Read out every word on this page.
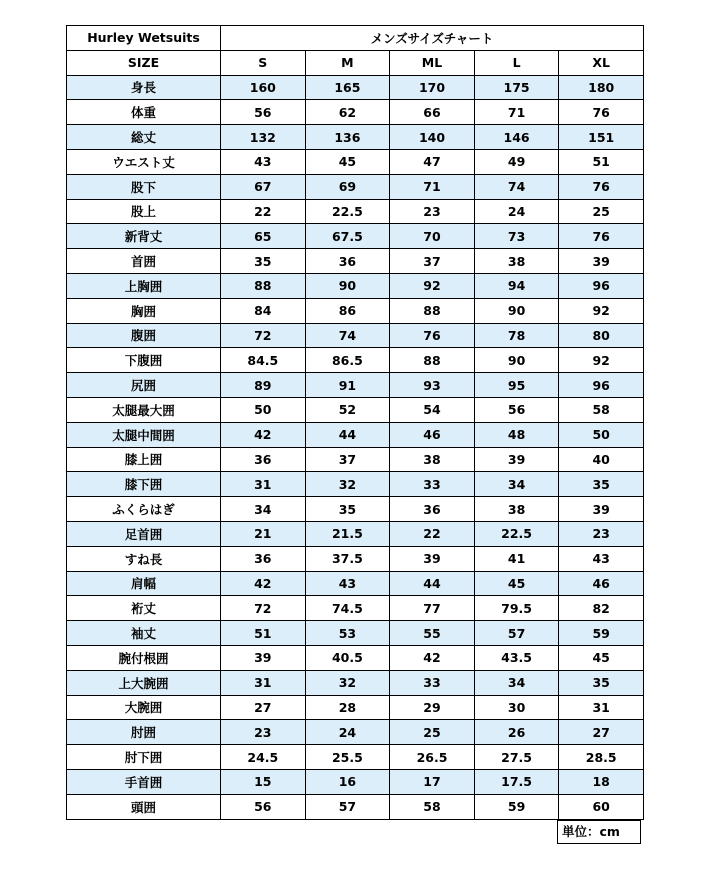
Hurley Wetsuits	メンズサイズチャート				
SIZE	S	M	ML	L	XL
身長	160	165	170	175	180
体重	56	62	66	71	76
総丈	132	136	140	146	151
ウエスト丈	43	45	47	49	51
股下	67	69	71	74	76
股上	22	22.5	23	24	25
新背丈	65	67.5	70	73	76
首囲	35	36	37	38	39
上胸囲	88	90	92	94	96
胸囲	84	86	88	90	92
腹囲	72	74	76	78	80
下腹囲	84.5	86.5	88	90	92
尻囲	89	91	93	95	96
太腿最大囲	50	52	54	56	58
太腿中間囲	42	44	46	48	50
膝上囲	36	37	38	39	40
膝下囲	31	32	33	34	35
ふくらはぎ	34	35	36	38	39
足首囲	21	21.5	22	22.5	23
すね長	36	37.5	39	41	43
肩幅	42	43	44	45	46
裄丈	72	74.5	77	79.5	82
袖丈	51	53	55	57	59
腕付根囲	39	40.5	42	43.5	45
上大腕囲	31	32	33	34	35
大腕囲	27	28	29	30	31
肘囲	23	24	25	26	27
肘下囲	24.5	25.5	26.5	27.5	28.5
手首囲	15	16	17	17.5	18
頭囲	56	57	58	59	60
単位：cm
